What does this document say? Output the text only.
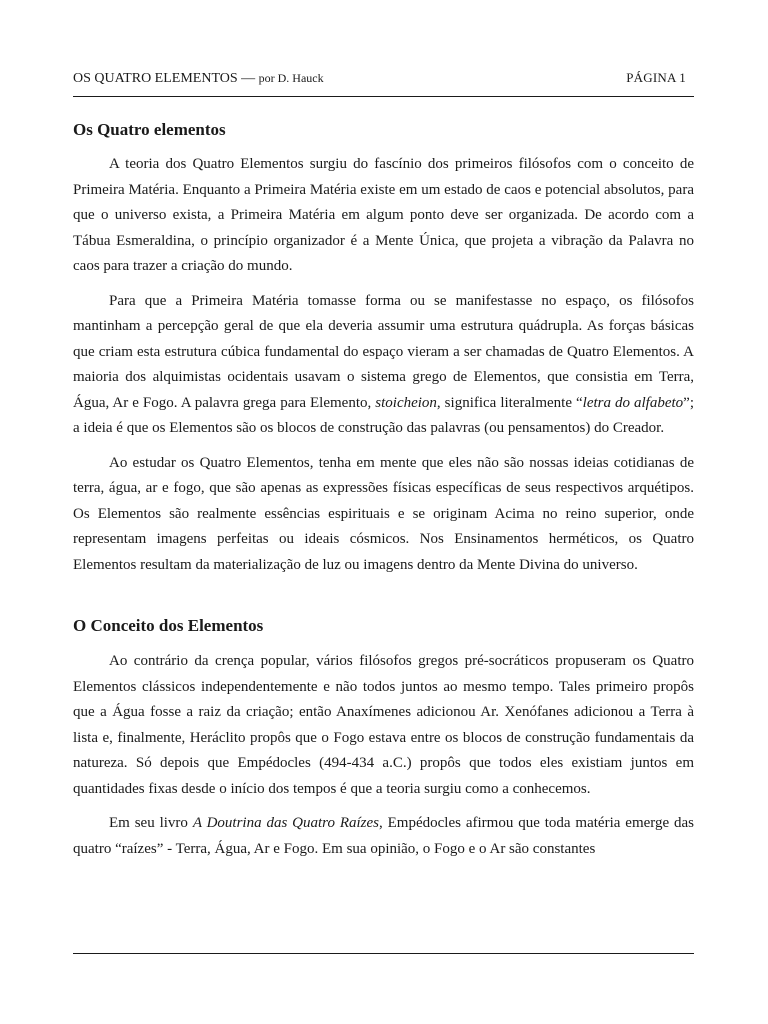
OS QUATRO ELEMENTOS — por D. Hauck	PÁGINA 1
Os Quatro elementos

A teoria dos Quatro Elementos surgiu do fascínio dos primeiros filósofos com o conceito de Primeira Matéria. Enquanto a Primeira Matéria existe em um estado de caos e potencial absolutos, para que o universo exista, a Primeira Matéria em algum ponto deve ser organizada. De acordo com a Tábua Esmeraldina, o princípio organizador é a Mente Única, que projeta a vibração da Palavra no caos para trazer a criação do mundo.

Para que a Primeira Matéria tomasse forma ou se manifestasse no espaço, os filósofos mantinham a percepção geral de que ela deveria assumir uma estrutura quádrupla. As forças básicas que criam esta estrutura cúbica fundamental do espaço vieram a ser chamadas de Quatro Elementos. A maioria dos alquimistas ocidentais usavam o sistema grego de Elementos, que consistia em Terra, Água, Ar e Fogo. A palavra grega para Elemento, stoicheion, significa literalmente “letra do alfabeto”; a ideia é que os Elementos são os blocos de construção das palavras (ou pensamentos) do Creador.

Ao estudar os Quatro Elementos, tenha em mente que eles não são nossas ideias cotidianas de terra, água, ar e fogo, que são apenas as expressões físicas específicas de seus respectivos arquétipos. Os Elementos são realmente essências espirituais e se originam Acima no reino superior, onde representam imagens perfeitas ou ideais cósmicos. Nos Ensinamentos herméticos, os Quatro Elementos resultam da materialização de luz ou imagens dentro da Mente Divina do universo.

O Conceito dos Elementos

Ao contrário da crença popular, vários filósofos gregos pré-socráticos propuseram os Quatro Elementos clássicos independentemente e não todos juntos ao mesmo tempo. Tales primeiro propôs que a Água fosse a raiz da criação; então Anaxímenes adicionou Ar. Xenófanes adicionou a Terra à lista e, finalmente, Heráclito propôs que o Fogo estava entre os blocos de construção fundamentais da natureza. Só depois que Empédocles (494-434 a.C.) propôs que todos eles existiam juntos em quantidades fixas desde o início dos tempos é que a teoria surgiu como a conhecemos.

Em seu livro A Doutrina das Quatro Raízes, Empédocles afirmou que toda matéria emerge das quatro “raízes” - Terra, Água, Ar e Fogo. Em sua opinião, o Fogo e o Ar são constantes
